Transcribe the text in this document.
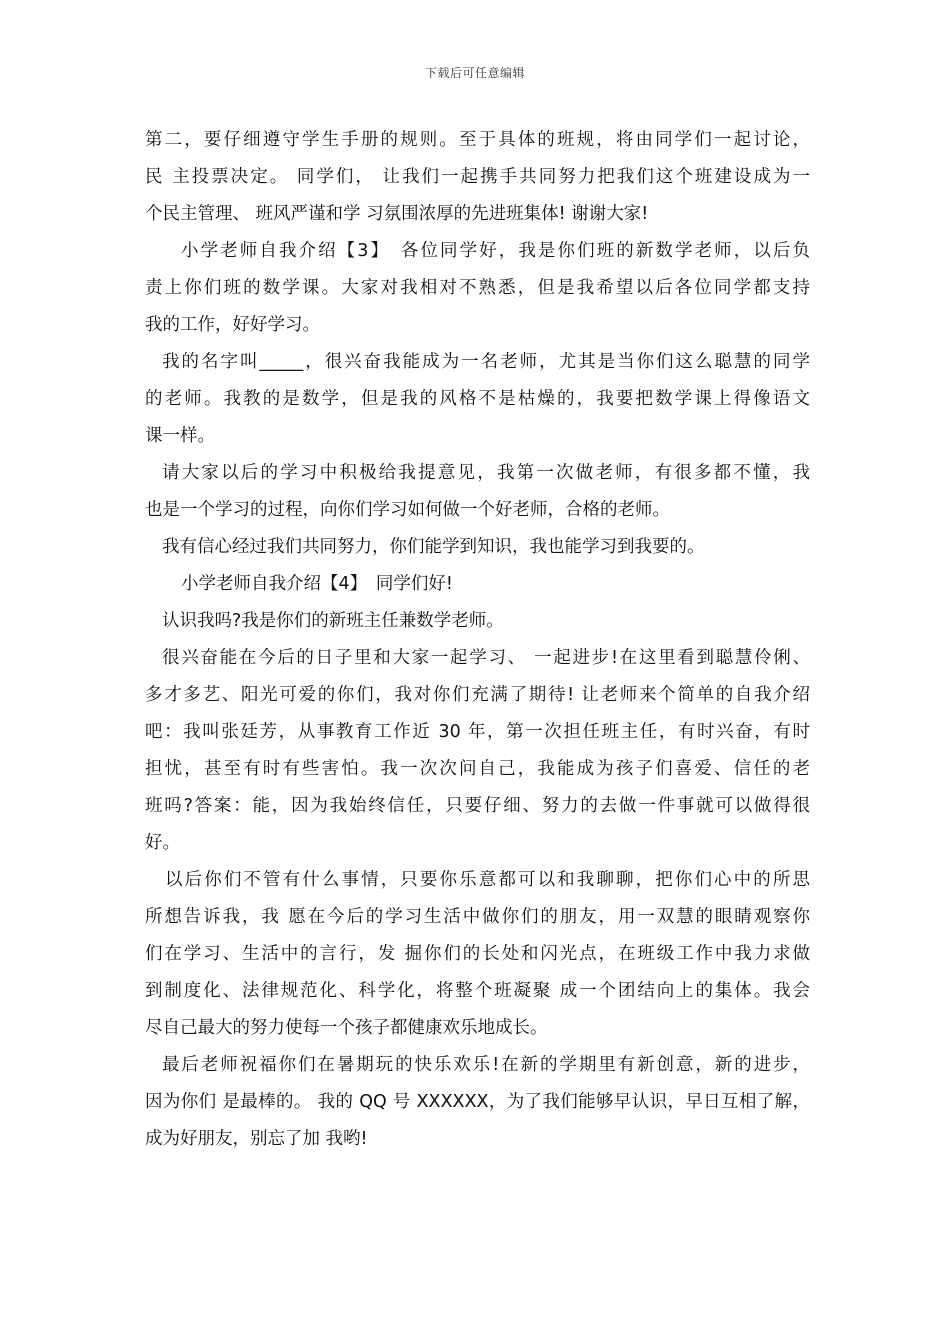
下载后可任意编辑
第二，要仔细遵守学生手册的规则。至于具体的班规，将由同学们一起讨论，
民 主投票决定。 同学们， 让我们一起携手共同努力把我们这个班建设成为一
个民主管理、 班风严谨和学 习氛围浓厚的先进班集体! 谢谢大家!
小学老师自我介绍【3】　各位同学好，我是你们班的新数学老师，以后负
责上你们班的数学课。大家对我相对不熟悉，但是我希望以后各位同学都支持
我的工作，好好学习。
我的名字叫_____，很兴奋我能成为一名老师，尤其是当你们这么聪慧的同学
的老师。我教的是数学，但是我的风格不是枯燥的，我要把数学课上得像语文
课一样。
请大家以后的学习中积极给我提意见，我第一次做老师，有很多都不懂，我
也是一个学习的过程，向你们学习如何做一个好老师，合格的老师。
我有信心经过我们共同努力，你们能学到知识，我也能学习到我要的。
小学老师自我介绍【4】　同学们好!
认识我吗?我是你们的新班主任兼数学老师。
很兴奋能在今后的日子里和大家一起学习、 一起进步!在这里看到聪慧伶俐、
多才多艺、阳光可爱的你们，我对你们充满了期待! 让老师来个简单的自我介绍
吧：我叫张廷芳，从事教育工作近 30 年，第一次担任班主任，有时兴奋，有时
担忧，甚至有时有些害怕。我一次次问自己，我能成为孩子们喜爱、信任的老
班吗?答案：能，因为我始终信任，只要仔细、努力的去做一件事就可以做得很
好。
以后你们不管有什么事情，只要你乐意都可以和我聊聊，把你们心中的所思
所想告诉我，我 愿在今后的学习生活中做你们的朋友，用一双慧的眼睛观察你
们在学习、生活中的言行，发 掘你们的长处和闪光点，在班级工作中我力求做
到制度化、法律规范化、科学化，将整个班凝聚 成一个团结向上的集体。我会
尽自己最大的努力使每一个孩子都健康欢乐地成长。
最后老师祝福你们在暑期玩的快乐欢乐!在新的学期里有新创意，新的进步，
因为你们 是最棒的。 我的 QQ 号 XXXXXX，为了我们能够早认识，早日互相了解，
成为好朋友，别忘了加 我哟!
